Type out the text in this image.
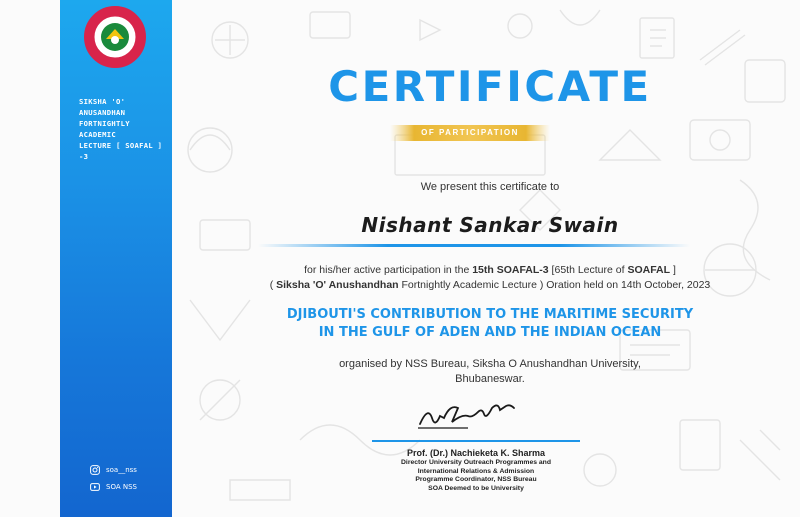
SIKSHA 'O' ANUSANDHAN
FORTNIGHTLY ACADEMIC
LECTURE [ SOAFAL ] -3
soa__nss
SOA NSS
CERTIFICATE
OF PARTICIPATION
We present this certificate to
Nishant Sankar Swain
for his/her active participation in the 15th SOAFAL-3 [65th Lecture of SOAFAL ]
( Siksha 'O' Anushandhan Fortnightly Academic Lecture ) Oration held on 14th October, 2023
DJIBOUTI'S CONTRIBUTION TO THE MARITIME SECURITY
IN THE GULF OF ADEN AND THE INDIAN OCEAN
organised by NSS Bureau, Siksha O Anushandhan University,
Bhubaneswar.
Prof. (Dr.) Nachieketa K. Sharma
Director University Outreach Programmes and
International Relations & Admission
Programme Coordinator, NSS Bureau
SOA Deemed to be University
